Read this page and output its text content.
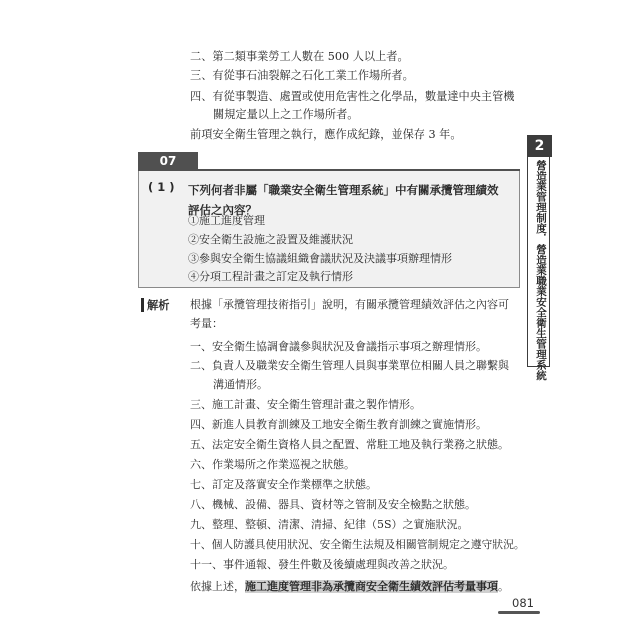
二、第二類事業勞工人數在 500 人以上者。
三、有從事石油裂解之石化工業工作場所者。
四、有從事製造、處置或使用危害性之化學品，數量達中央主管機
關規定量以上之工作場所者。
前項安全衛生管理之執行，應作成紀錄，並保存 3 年。
07
( 1 ) 下列何者非屬「職業安全衛生管理系統」中有關承攬管理績效評估之內容？
①施工進度管理
②安全衛生設施之設置及維護狀況
③參與安全衛生協議組織會議狀況及決議事項辦理情形
④分項工程計畫之訂定及執行情形
解析 根據「承攬管理技術指引」說明，有關承攬管理績效評估之內容可
考量：
一、安全衛生協調會議參與狀況及會議指示事項之辦理情形。
二、負責人及職業安全衛生管理人員與事業單位相關人員之聯繫與
溝通情形。
三、施工計畫、安全衛生管理計畫之製作情形。
四、新進人員教育訓練及工地安全衛生教育訓練之實施情形。
五、法定安全衛生資格人員之配置、常駐工地及執行業務之狀態。
六、作業場所之作業巡視之狀態。
七、訂定及落實安全作業標準之狀態。
八、機械、設備、器具、資材等之管制及安全檢點之狀態。
九、整理、整頓、清潔、清掃、紀律（5S）之實施狀況。
十、個人防護具使用狀況、安全衛生法規及相關管制規定之遵守狀況。
十一、事件通報、發生件數及後續處理與改善之狀況。
依據上述，施工進度管理非為承攬商安全衛生績效評估考量事項。
2
營造業管理制度．營造業職業安全衛生管理系統
081
